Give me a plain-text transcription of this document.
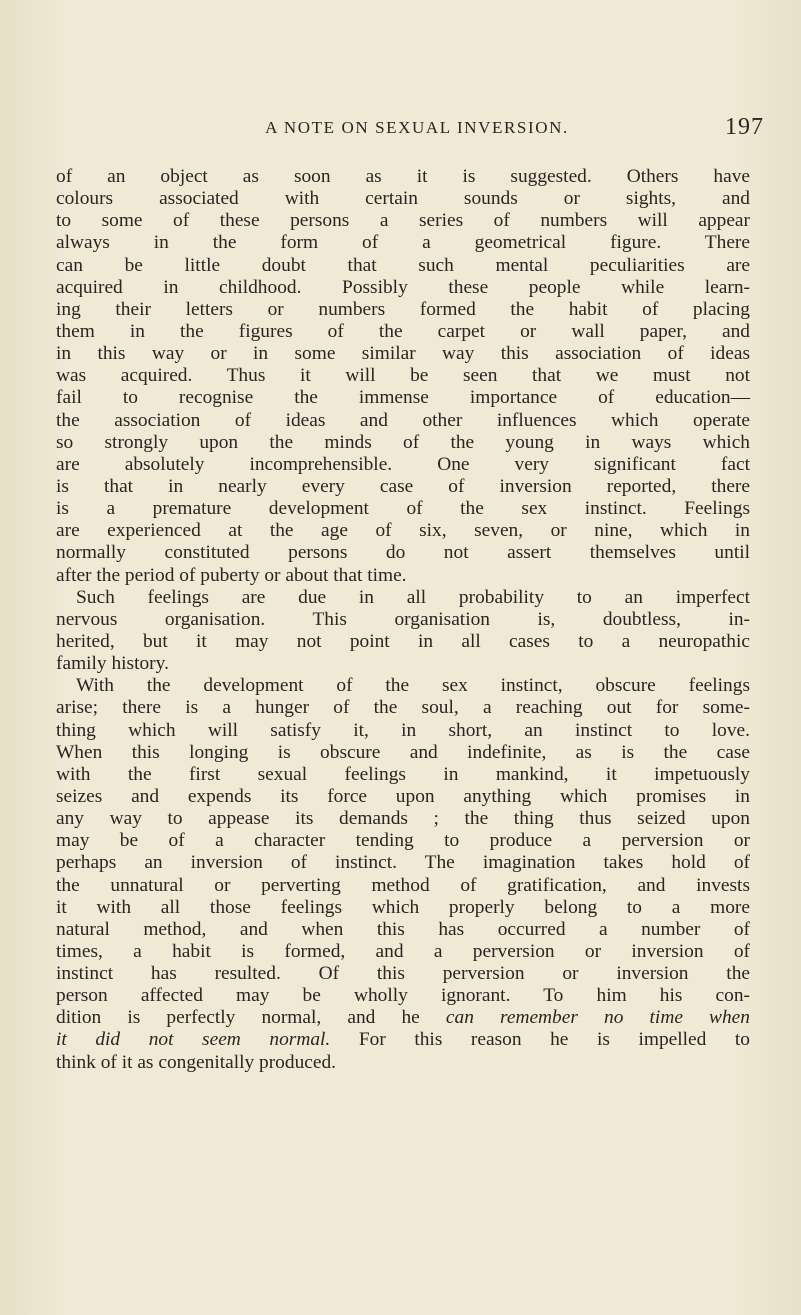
A NOTE ON SEXUAL INVERSION.	197
of an object as soon as it is suggested. Others have
colours associated with certain sounds or sights, and
to some of these persons a series of numbers will appear
always in the form of a geometrical figure. There
can be little doubt that such mental peculiarities are
acquired in childhood. Possibly these people while learn-
ing their letters or numbers formed the habit of placing
them in the figures of the carpet or wall paper, and
in this way or in some similar way this association of ideas
was acquired. Thus it will be seen that we must not
fail to recognise the immense importance of education—
the association of ideas and other influences which operate
so strongly upon the minds of the young in ways which
are absolutely incomprehensible. One very significant fact
is that in nearly every case of inversion reported, there
is a premature development of the sex instinct. Feelings
are experienced at the age of six, seven, or nine, which in
normally constituted persons do not assert themselves until
after the period of puberty or about that time.
Such feelings are due in all probability to an imperfect
nervous organisation. This organisation is, doubtless, in-
herited, but it may not point in all cases to a neuropathic
family history.
With the development of the sex instinct, obscure feelings
arise; there is a hunger of the soul, a reaching out for some-
thing which will satisfy it, in short, an instinct to love.
When this longing is obscure and indefinite, as is the case
with the first sexual feelings in mankind, it impetuously
seizes and expends its force upon anything which promises in
any way to appease its demands ; the thing thus seized upon
may be of a character tending to produce a perversion or
perhaps an inversion of instinct. The imagination takes hold of
the unnatural or perverting method of gratification, and invests
it with all those feelings which properly belong to a more
natural method, and when this has occurred a number of
times, a habit is formed, and a perversion or inversion of
instinct has resulted. Of this perversion or inversion the
person affected may be wholly ignorant. To him his con-
dition is perfectly normal, and he can remember no time when
it did not seem normal. For this reason he is impelled to
think of it as congenitally produced.
